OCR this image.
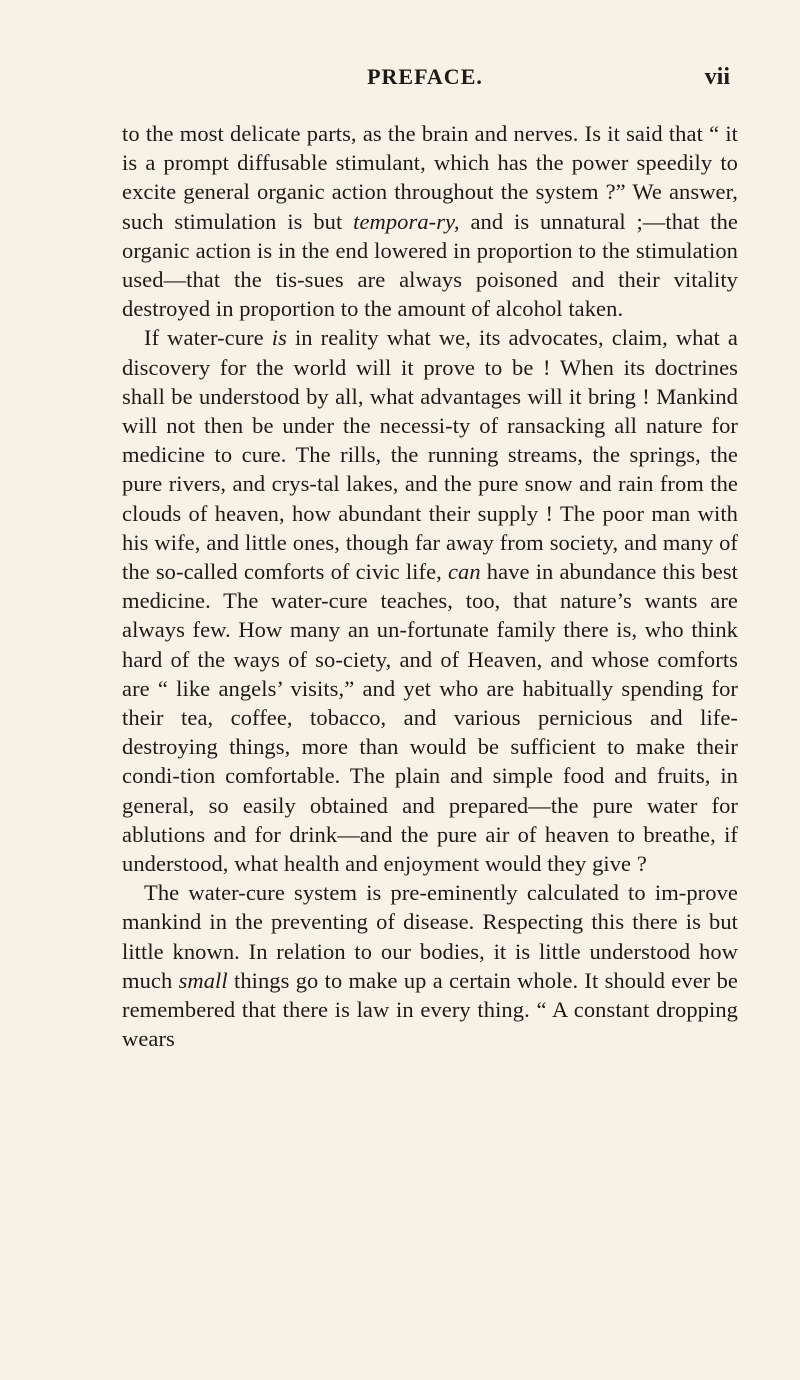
PREFACE.	vii

to the most delicate parts, as the brain and nerves. Is it said that “ it is a prompt diffusable stimulant, which has the power speedily to excite general organic action throughout the system ?” We answer, such stimulation is but tempora-ry, and is unnatural ;—that the organic action is in the end lowered in proportion to the stimulation used—that the tis-sues are always poisoned and their vitality destroyed in proportion to the amount of alcohol taken.

If water-cure is in reality what we, its advocates, claim, what a discovery for the world will it prove to be ! When its doctrines shall be understood by all, what advantages will it bring ! Mankind will not then be under the necessi-ty of ransacking all nature for medicine to cure. The rills, the running streams, the springs, the pure rivers, and crys-tal lakes, and the pure snow and rain from the clouds of heaven, how abundant their supply ! The poor man with his wife, and little ones, though far away from society, and many of the so-called comforts of civic life, can have in abundance this best medicine. The water-cure teaches, too, that nature’s wants are always few. How many an un-fortunate family there is, who think hard of the ways of so-ciety, and of Heaven, and whose comforts are “ like angels’ visits,” and yet who are habitually spending for their tea, coffee, tobacco, and various pernicious and life-destroying things, more than would be sufficient to make their condi-tion comfortable. The plain and simple food and fruits, in general, so easily obtained and prepared—the pure water for ablutions and for drink—and the pure air of heaven to breathe, if understood, what health and enjoyment would they give ?

The water-cure system is pre-eminently calculated to im-prove mankind in the preventing of disease. Respecting this there is but little known. In relation to our bodies, it is little understood how much small things go to make up a certain whole. It should ever be remembered that there is law in every thing. “ A constant dropping wears
